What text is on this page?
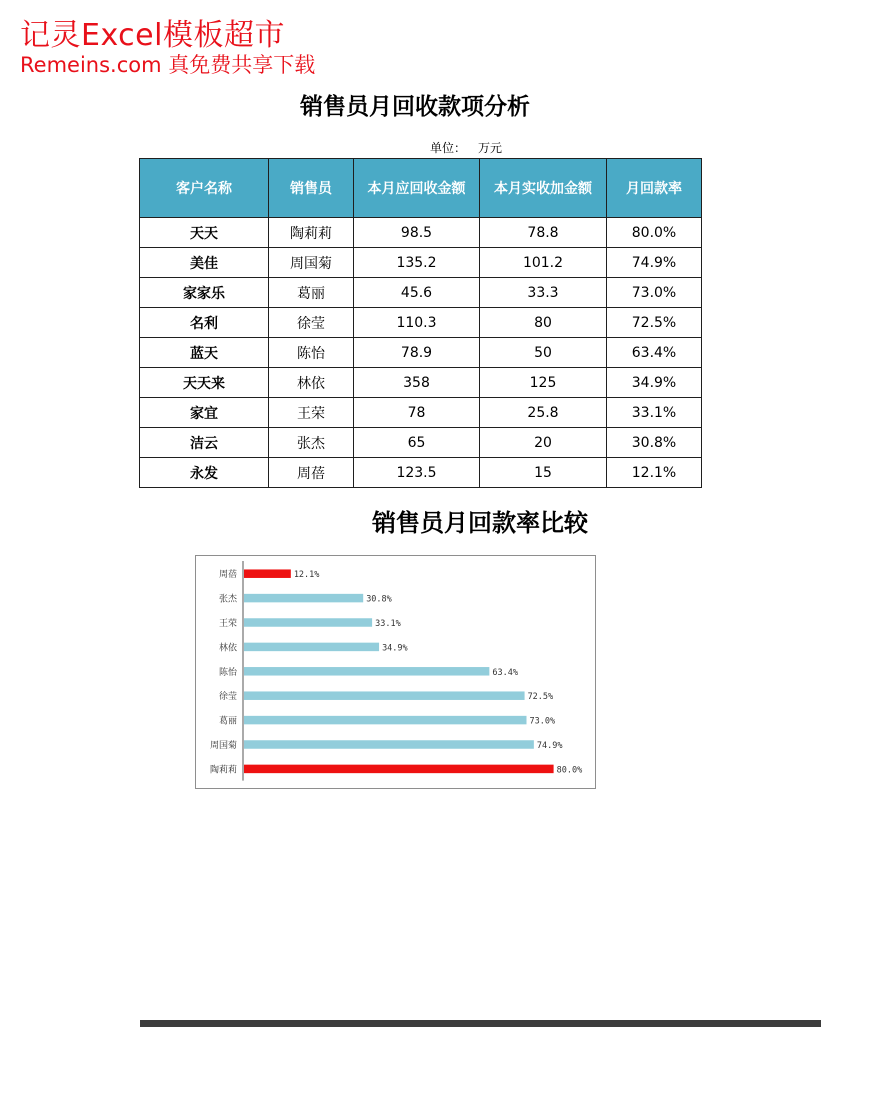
记灵Excel模板超市
Remeins.com 真免费共享下载
销售员月回收款项分析
单位： 万元
客户名称	销售员	本月应回收金额	本月实收加金额	月回款率
天天	陶莉莉	98.5	78.8	80.0%
美佳	周国菊	135.2	101.2	74.9%
家家乐	葛丽	45.6	33.3	73.0%
名利	徐莹	110.3	80	72.5%
蓝天	陈怡	78.9	50	63.4%
天天来	林依	358	125	34.9%
家宜	王荣	78	25.8	33.1%
洁云	张杰	65	20	30.8%
永发	周蓓	123.5	15	12.1%
销售员月回款率比较
周蓓	12.1%
张杰	30.8%
王荣	33.1%
林依	34.9%
陈怡	63.4%
徐莹	72.5%
葛丽	73.0%
周国菊	74.9%
陶莉莉	80.0%
